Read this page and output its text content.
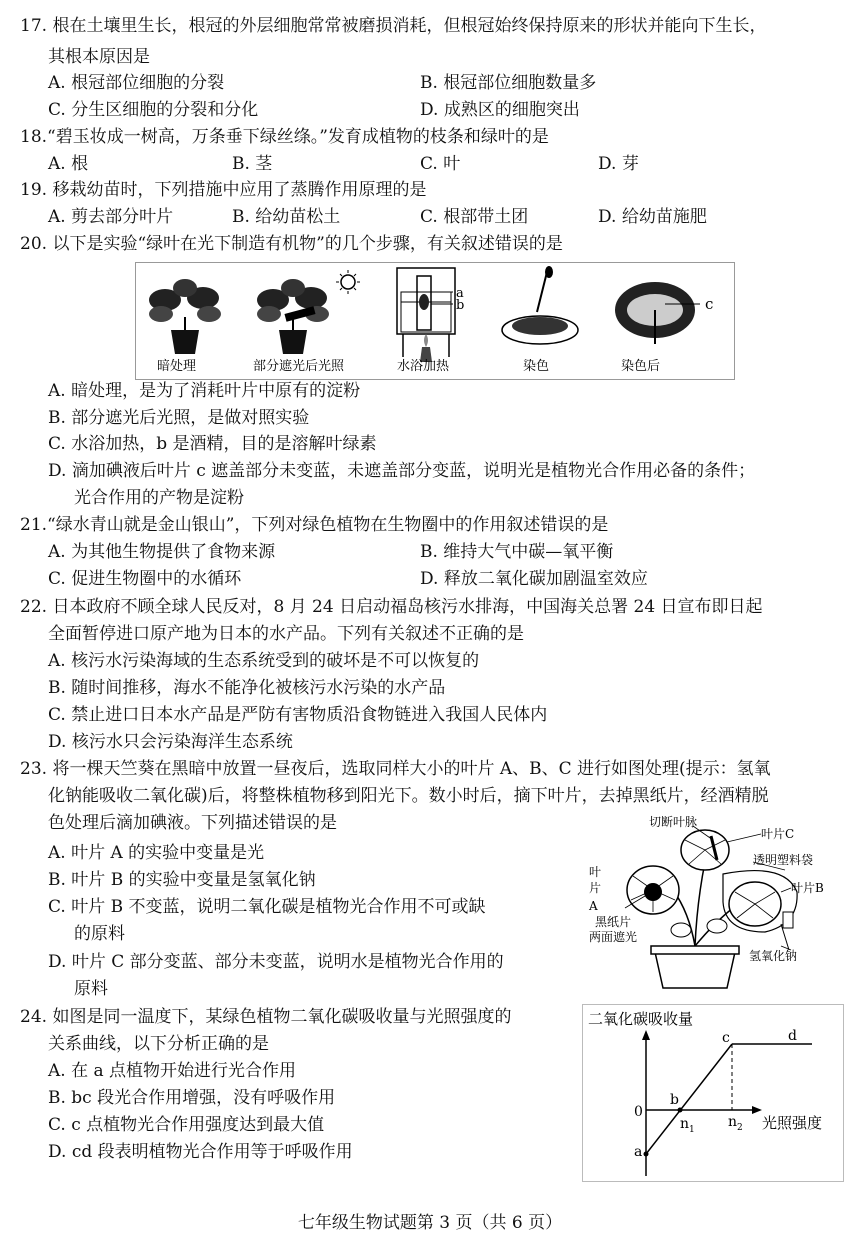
17. 根在土壤里生长，根冠的外层细胞常常被磨损消耗，但根冠始终保持原来的形状并能向下生长，
其根本原因是
A. 根冠部位细胞的分裂	B. 根冠部位细胞数量多
C. 分生区细胞的分裂和分化	D. 成熟区的细胞突出
18.“碧玉妆成一树高，万条垂下绿丝绦。”发育成植物的枝条和绿叶的是
A. 根	B. 茎	C. 叶	D. 芽
19. 移栽幼苗时，下列措施中应用了蒸腾作用原理的是
A. 剪去部分叶片	B. 给幼苗松土	C. 根部带土团	D. 给幼苗施肥
20. 以下是实验“绿叶在光下制造有机物”的几个步骤，有关叙述错误的是
a
b	c
暗处理	部分遮光后光照	水浴加热	染色	染色后
A. 暗处理，是为了消耗叶片中原有的淀粉
B. 部分遮光后光照，是做对照实验
C. 水浴加热，b 是酒精，目的是溶解叶绿素
D. 滴加碘液后叶片 c 遮盖部分未变蓝，未遮盖部分变蓝，说明光是植物光合作用必备的条件；
光合作用的产物是淀粉
21.“绿水青山就是金山银山”，下列对绿色植物在生物圈中的作用叙述错误的是
A. 为其他生物提供了食物来源	B. 维持大气中碳—氧平衡
C. 促进生物圈中的水循环	D. 释放二氧化碳加剧温室效应
22. 日本政府不顾全球人民反对，8 月 24 日启动福岛核污水排海，中国海关总署 24 日宣布即日起
全面暂停进口原产地为日本的水产品。下列有关叙述不正确的是
A. 核污水污染海域的生态系统受到的破坏是不可以恢复的
B. 随时间推移，海水不能净化被核污水污染的水产品
C. 禁止进口日本水产品是严防有害物质沿食物链进入我国人民体内
D. 核污水只会污染海洋生态系统
23. 将一棵天竺葵在黑暗中放置一昼夜后，选取同样大小的叶片 A、B、C 进行如图处理(提示：氢氧
化钠能吸收二氧化碳)后，将整株植物移到阳光下。数小时后，摘下叶片，去掉黑纸片，经酒精脱
色处理后滴加碘液。下列描述错误的是
A. 叶片 A 的实验中变量是光
B. 叶片 B 的实验中变量是氢氧化钠
C. 叶片 B 不变蓝，说明二氧化碳是植物光合作用不可或缺
的原料
D. 叶片 C 部分变蓝、部分未变蓝，说明水是植物光合作用的
原料
切断叶脉
叶片C
透明塑料袋
叶
片
A
叶片B
黑纸片
两面遮光
氢氧化钠
24. 如图是同一温度下，某绿色植物二氧化碳吸收量与光照强度的
关系曲线，以下分析正确的是
A. 在 a 点植物开始进行光合作用
B. bc 段光合作用增强，没有呼吸作用
C. c 点植物光合作用强度达到最大值
D. cd 段表明植物光合作用等于呼吸作用
二氧化碳吸收量
0
光照强度
a
b
c	d
n 1 n 2
七年级生物试题第 3 页（共 6 页）
